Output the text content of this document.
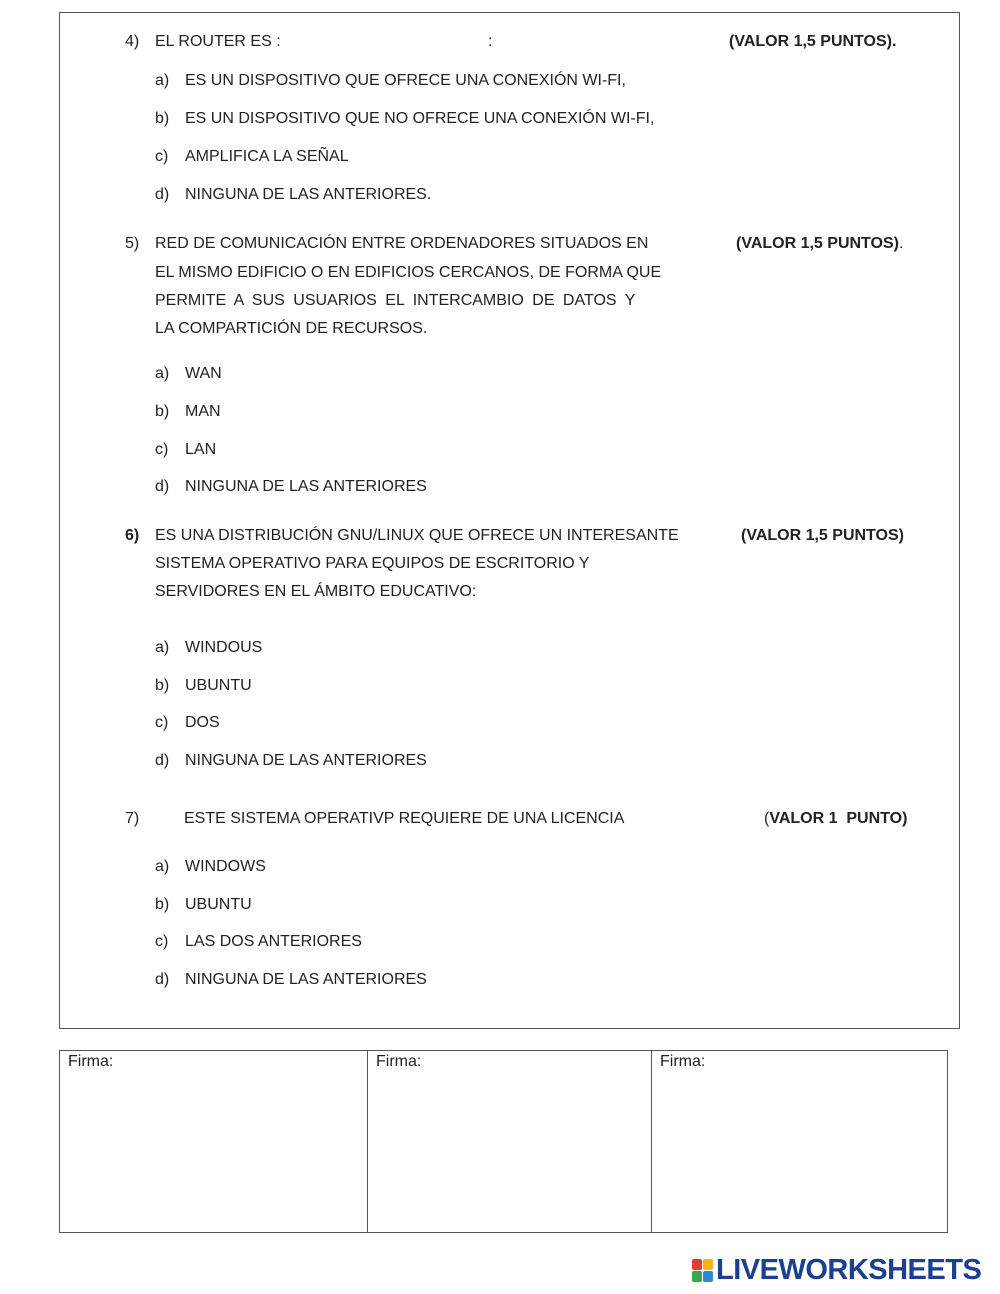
4) EL ROUTER ES :	:	(VALOR 1,5 PUNTOS).
a) ES UN DISPOSITIVO QUE OFRECE UNA CONEXIÓN WI-FI,
b) ES UN DISPOSITIVO QUE NO OFRECE UNA CONEXIÓN WI-FI,
c) AMPLIFICA LA SEÑAL
d) NINGUNA DE LAS ANTERIORES.
5) RED DE COMUNICACIÓN ENTRE ORDENADORES SITUADOS EN
EL MISMO EDIFICIO O EN EDIFICIOS CERCANOS, DE FORMA QUE
PERMITE A SUS USUARIOS EL INTERCAMBIO DE DATOS Y
LA COMPARTICIÓN DE RECURSOS.
(VALOR 1,5 PUNTOS).
a) WAN
b) MAN
c) LAN
d) NINGUNA DE LAS ANTERIORES
6) ES UNA DISTRIBUCIÓN GNU/LINUX QUE OFRECE UN INTERESANTE
SISTEMA OPERATIVO PARA EQUIPOS DE ESCRITORIO Y
SERVIDORES EN EL ÁMBITO EDUCATIVO:
(VALOR 1,5 PUNTOS)
a) WINDOUS
b) UBUNTU
c) DOS
d) NINGUNA DE LAS ANTERIORES
7)	ESTE SISTEMA OPERATIVP REQUIERE DE UNA LICENCIA	(VALOR 1  PUNTO)
a) WINDOWS
b) UBUNTU
c) LAS DOS ANTERIORES
d) NINGUNA DE LAS ANTERIORES
Firma:	Firma:	Firma:
LIVEWORKSHEETS
